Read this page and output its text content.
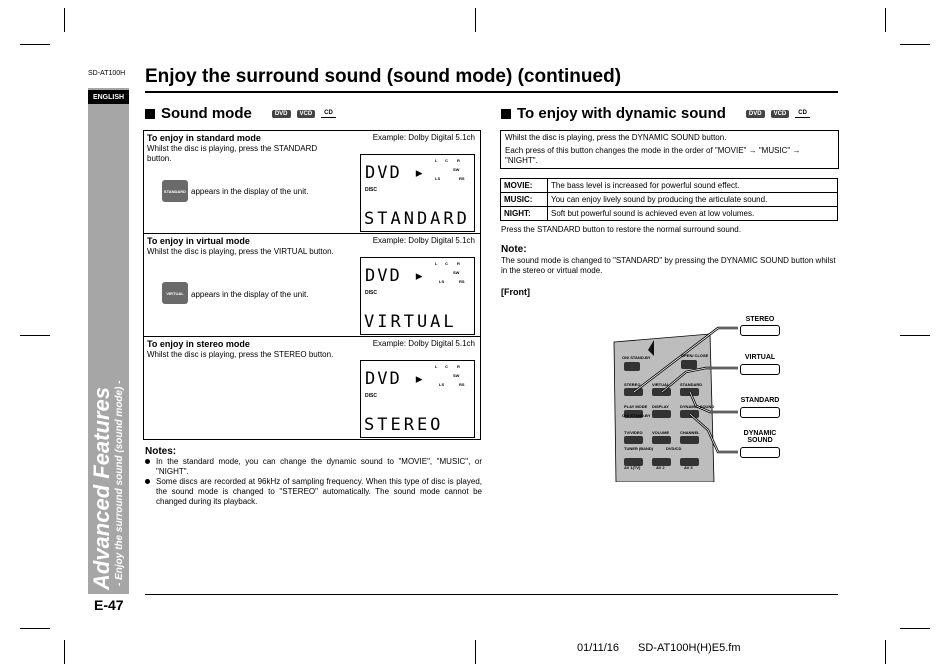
SD-AT100H Enjoy the surround sound (sound mode) (continued)
ENGLISH
Advanced Features - Enjoy the surround sound (sound mode) -
E-47
01/11/16 SD-AT100H(H)E5.fm
Sound mode	DVD	VCD	CD
To enjoy in standard mode	Example: Dolby Digital 5.1ch
Whilst the disc is playing, press the STANDARD button.
STANDARD appears in the display of the unit.
DVD ▸
DISC
L C R
SW
LS	RS
STANDARD

To enjoy in virtual mode	Example: Dolby Digital 5.1ch
Whilst the disc is playing, press the VIRTUAL button.
VIRTUAL appears in the display of the unit.
DVD ▸
DISC
L C R
SW
LS	RS
VIRTUAL

To enjoy in stereo mode	Example: Dolby Digital 5.1ch
Whilst the disc is playing, press the STEREO button.
DVD ▸
DISC
L C R
SW
LS	RS
STEREO
Notes:
In the standard mode, you can change the dynamic sound to "MOVIE", "MUSIC", or "NIGHT".
Some discs are recorded at 96kHz of sampling frequency. When this type of disc is played, the sound mode is changed to "STEREO" automatically. The sound mode cannot be changed during its playback.
To enjoy with dynamic sound	DVD	VCD	CD
Whilst the disc is playing, press the DYNAMIC SOUND button.
Each press of this button changes the mode in the order of "MOVIE" → "MUSIC" → "NIGHT".
MOVIE:	The bass level is increased for powerful sound effect.
MUSIC:	You can enjoy lively sound by producing the articulate sound.
NIGHT:	Soft but powerful sound is achieved even at low volumes.
Press the STANDARD button to restore the normal surround sound.
Note:
The sound mode is changed to "STANDARD" by pressing the DYNAMIC SOUND button whilst in the stereo or virtual mode.
[Front]
ON/ STAND-BY	OPEN/ CLOSE
STEREO	VIRTUAL	STANDARD
PLAY MODE DISPLAY	DYNAMIC SOUND
ON/ STAND-BY
TV/VIDEO VOLUME	CHANNEL
TUNER (BAND)	DVD/CD
AV 1(TV)	AV 2	AV 3
STEREO
VIRTUAL
STANDARD
DYNAMIC SOUND
